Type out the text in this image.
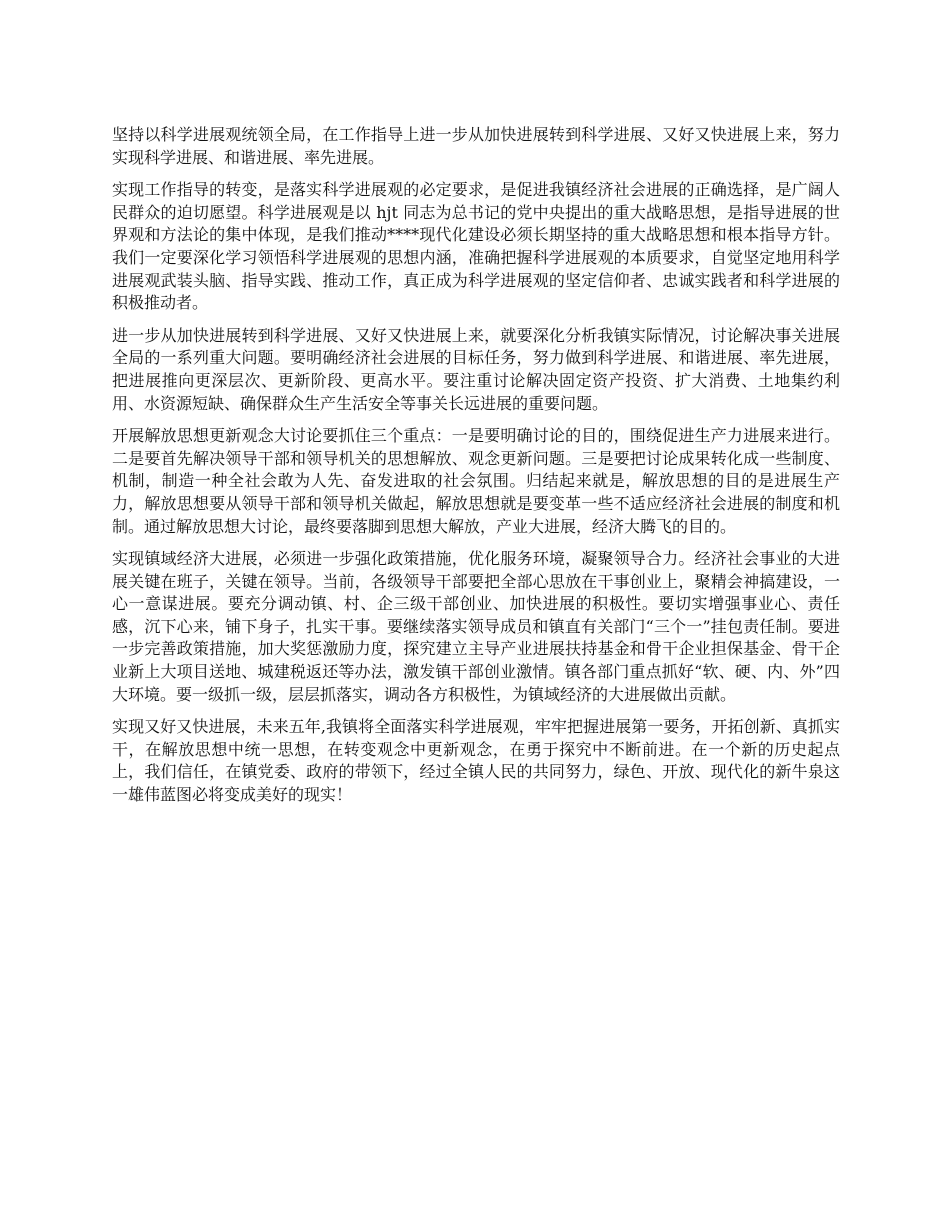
坚持以科学进展观统领全局，在工作指导上进一步从加快进展转到科学进展、又好又快进展上来，努力实现科学进展、和谐进展、率先进展。

实现工作指导的转变，是落实科学进展观的必定要求，是促进我镇经济社会进展的正确选择，是广阔人民群众的迫切愿望。科学进展观是以 hjt 同志为总书记的党中央提出的重大战略思想，是指导进展的世界观和方法论的集中体现，是我们推动****现代化建设必须长期坚持的重大战略思想和根本指导方针。我们一定要深化学习领悟科学进展观的思想内涵，准确把握科学进展观的本质要求，自觉坚定地用科学进展观武装头脑、指导实践、推动工作，真正成为科学进展观的坚定信仰者、忠诚实践者和科学进展的积极推动者。

进一步从加快进展转到科学进展、又好又快进展上来，就要深化分析我镇实际情况，讨论解决事关进展全局的一系列重大问题。要明确经济社会进展的目标任务，努力做到科学进展、和谐进展、率先进展，把进展推向更深层次、更新阶段、更高水平。要注重讨论解决固定资产投资、扩大消费、土地集约利用、水资源短缺、确保群众生产生活安全等事关长远进展的重要问题。

开展解放思想更新观念大讨论要抓住三个重点：一是要明确讨论的目的，围绕促进生产力进展来进行。二是要首先解决领导干部和领导机关的思想解放、观念更新问题。三是要把讨论成果转化成一些制度、机制，制造一种全社会敢为人先、奋发进取的社会氛围。归结起来就是，解放思想的目的是进展生产力，解放思想要从领导干部和领导机关做起，解放思想就是要变革一些不适应经济社会进展的制度和机制。通过解放思想大讨论，最终要落脚到思想大解放，产业大进展，经济大腾飞的目的。

实现镇域经济大进展，必须进一步强化政策措施，优化服务环境，凝聚领导合力。经济社会事业的大进展关键在班子，关键在领导。当前，各级领导干部要把全部心思放在干事创业上，聚精会神搞建设，一心一意谋进展。要充分调动镇、村、企三级干部创业、加快进展的积极性。要切实增强事业心、责任感，沉下心来，铺下身子，扎实干事。要继续落实领导成员和镇直有关部门“三个一”挂包责任制。要进一步完善政策措施，加大奖惩激励力度，探究建立主导产业进展扶持基金和骨干企业担保基金、骨干企业新上大项目送地、城建税返还等办法，激发镇干部创业激情。镇各部门重点抓好“软、硬、内、外”四大环境。要一级抓一级，层层抓落实，调动各方积极性，为镇域经济的大进展做出贡献。

实现又好又快进展，未来五年,我镇将全面落实科学进展观，牢牢把握进展第一要务，开拓创新、真抓实干，在解放思想中统一思想，在转变观念中更新观念，在勇于探究中不断前进。在一个新的历史起点上，我们信任，在镇党委、政府的带领下，经过全镇人民的共同努力，绿色、开放、现代化的新牛泉这一雄伟蓝图必将变成美好的现实！
